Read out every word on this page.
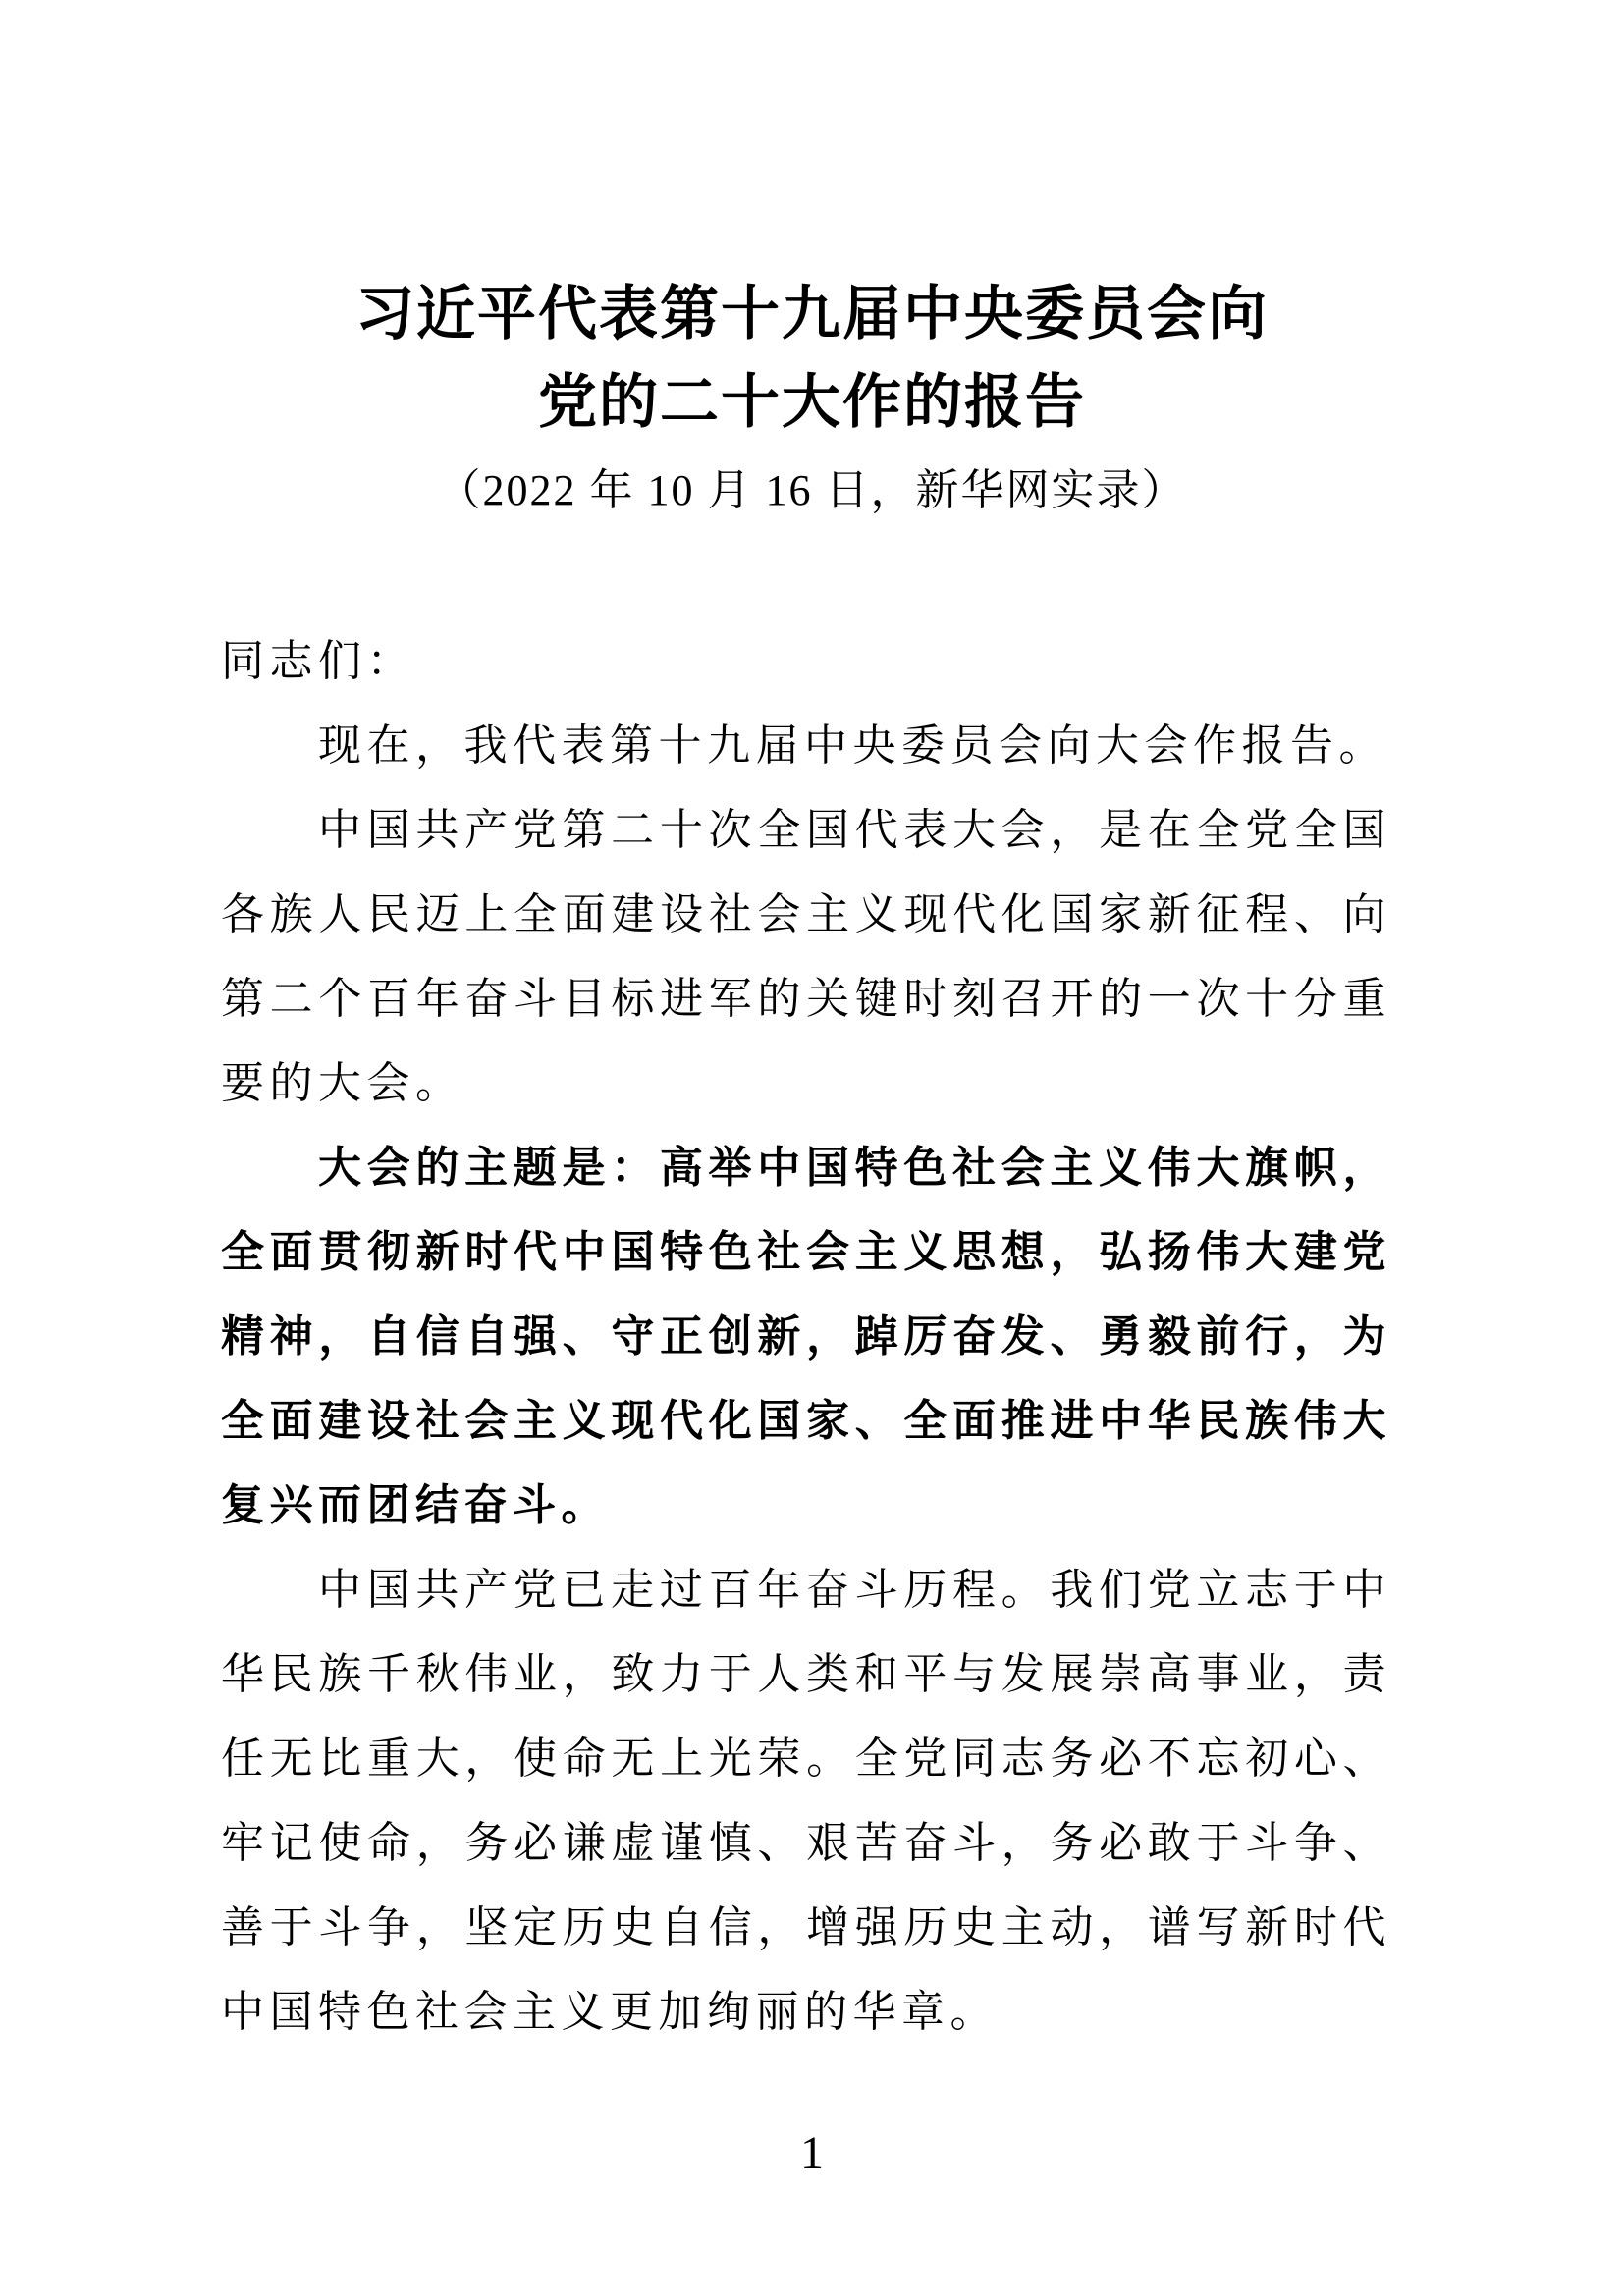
习近平代表第十九届中央委员会向
党的二十大作的报告
（2022 年 10 月 16 日，新华网实录）

同志们：

现在，我代表第十九届中央委员会向大会作报告。

中国共产党第二十次全国代表大会，是在全党全国各族人民迈上全面建设社会主义现代化国家新征程、向第二个百年奋斗目标进军的关键时刻召开的一次十分重要的大会。

大会的主题是：高举中国特色社会主义伟大旗帜，全面贯彻新时代中国特色社会主义思想，弘扬伟大建党精神，自信自强、守正创新，踔厉奋发、勇毅前行，为全面建设社会主义现代化国家、全面推进中华民族伟大复兴而团结奋斗。

中国共产党已走过百年奋斗历程。我们党立志于中华民族千秋伟业，致力于人类和平与发展崇高事业，责任无比重大，使命无上光荣。全党同志务必不忘初心、牢记使命，务必谦虚谨慎、艰苦奋斗，务必敢于斗争、善于斗争，坚定历史自信，增强历史主动，谱写新时代中国特色社会主义更加绚丽的华章。

1
